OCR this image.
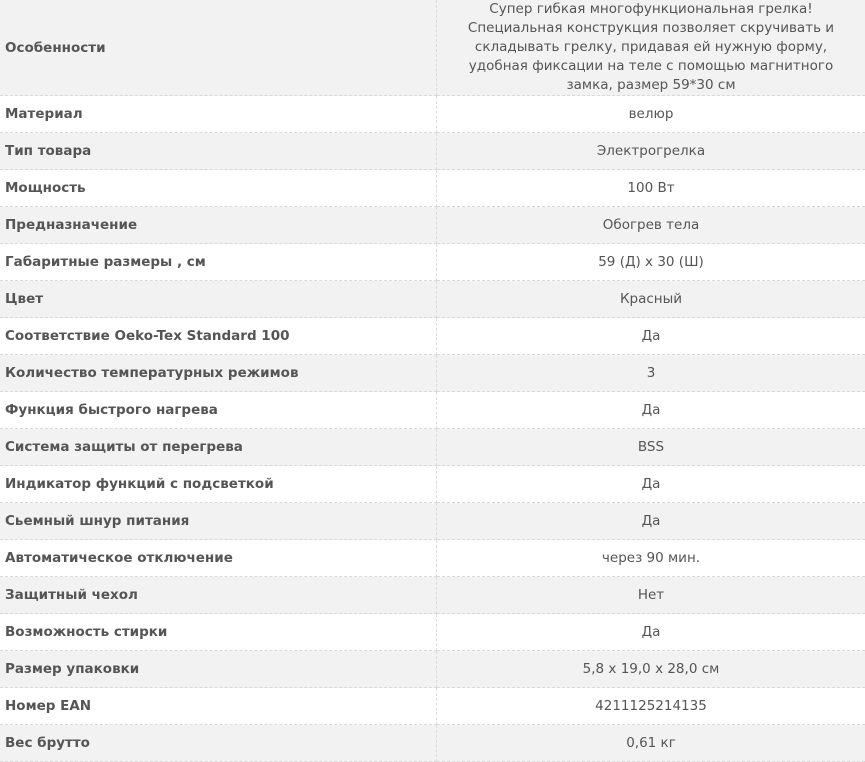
Особенности	Супер гибкая многофункциональная грелка! Специальная конструкция позволяет скручивать и складывать грелку, придавая ей нужную форму, удобная фиксации на теле с помощью магнитного замка, размер 59*30 см
Материал	велюр
Тип товара	Электрогрелка
Мощность	100 Вт
Предназначение	Обогрев тела
Габаритные размеры , см	59 (Д) x 30 (Ш)
Цвет	Красный
Соответствие Oeko-Tex Standard 100	Да
Количество температурных режимов	3
Функция быстрого нагрева	Да
Система защиты от перегрева	BSS
Индикатор функций с подсветкой	Да
Сьемный шнур питания	Да
Автоматическое отключение	через 90 мин.
Защитный чехол	Нет
Возможность стирки	Да
Размер упаковки	5,8 x 19,0 x 28,0 см
Номер EAN	4211125214135
Вес брутто	0,61 кг
